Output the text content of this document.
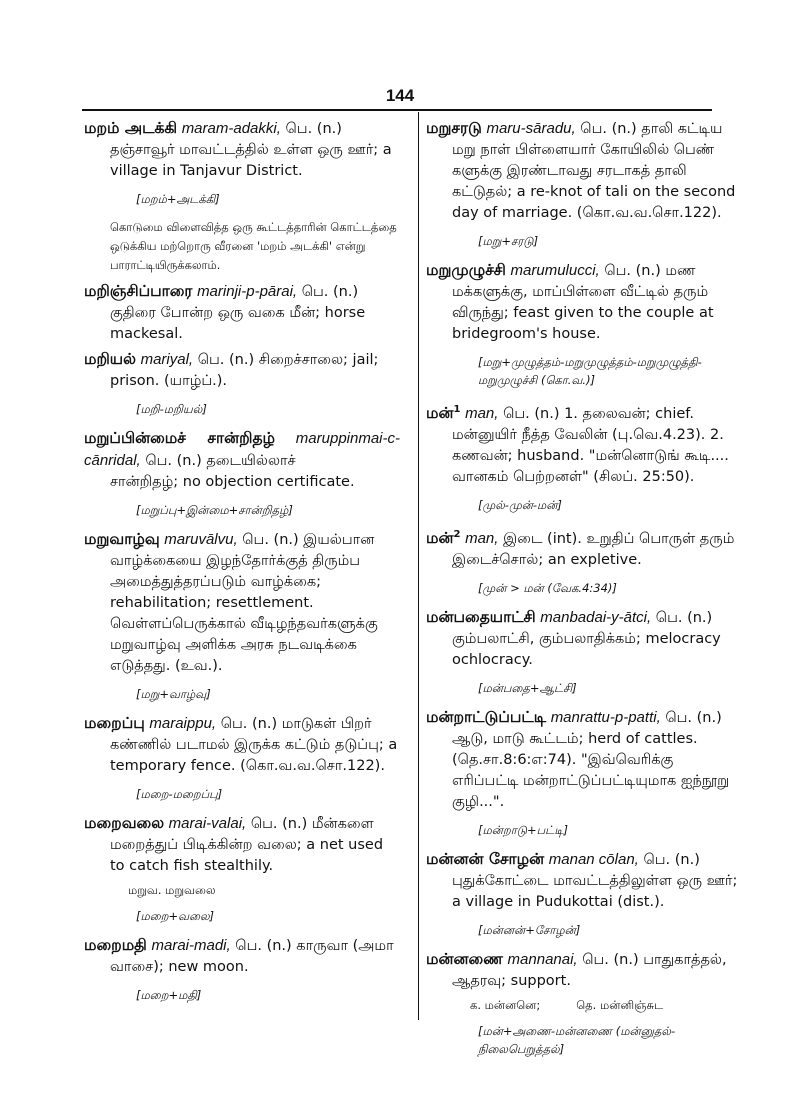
144
மறம் அடக்கி maram-adakki, பெ. (n.)
தஞ்சாவூர் மாவட்டத்தில் உள்ள ஒரு ஊர்; a village in Tanjavur District.
[மறம்+அடக்கி]
கொடுமை விளைவித்த ஒரு கூட்டத்தாரின் கொட்டத்தை ஒடுக்கிய மற்றொரு வீரனை 'மறம் அடக்கி' என்று பாராட்டியிருக்கலாம்.
மறிஞ்சிப்பாரை marinji-p-pārai, பெ. (n.)
குதிரை போன்ற ஒரு வகை மீன்; horse mackesal.
மறியல் mariyal, பெ. (n.) சிறைச்சாலை; jail;
prison. (யாழ்ப்.).
[மறி-மறியல்]
மறுப்பின்மைச் சான்றிதழ் maruppinmai-c-cānridal, பெ. (n.) தடையில்லாச்
சான்றிதழ்; no objection certificate.
[மறுப்பு+இன்மை+சான்றிதழ்]
மறுவாழ்வு maruvālvu, பெ. (n.) இயல்பான
வாழ்க்கையை இழந்தோர்க்குத் திரும்ப அமைத்துத்தரப்படும் வாழ்க்கை; rehabilitation; resettlement. வெள்ளப்பெருக்கால் வீடிழந்தவர்களுக்கு மறுவாழ்வு அளிக்க அரசு நடவடிக்கை எடுத்தது. (உவ.).
[மறு+வாழ்வு]
மறைப்பு maraippu, பெ. (n.) மாடுகள் பிறர்
கண்ணில் படாமல் இருக்க கட்டும் தடுப்பு; a temporary fence. (கொ.வ.வ.சொ.122).
[மறை-மறைப்பு]
மறைவலை marai-valai, பெ. (n.) மீன்களை
மறைத்துப் பிடிக்கின்ற வலை; a net used to catch fish stealthily.
மறுவ. மறுவலை
[மறை+வலை]
மறைமதி marai-madi, பெ. (n.) காருவா (அமா
வாசை); new moon.
[மறை+மதி]
மறுசரடு maru-sāradu, பெ. (n.) தாலி கட்டிய
மறு நாள் பிள்ளையார் கோயிலில் பெண் களுக்கு இரண்டாவது சரடாகத் தாலி கட்டுதல்; a re-knot of tali on the second day of marriage. (கொ.வ.வ.சொ.122).
[மறு+சரடு]
மறுமுழுச்சி marumulucci, பெ. (n.) மண
மக்களுக்கு, மாப்பிள்ளை வீட்டில் தரும் விருந்து; feast given to the couple at bridegroom's house.
[மறு+முழுத்தம்-மறுமுழுத்தம்-மறுமுழுத்தி-மறுமுழுச்சி (கொ.வ.)]
மன்$^1$ man, பெ. (n.) 1. தலைவன்; chief.
மன்னுயிர் நீத்த வேலின் (பு.வெ.4.23). 2. கணவன்; husband. "மன்னொடுங் கூடி.... வானகம் பெற்றனள்" (சிலப். 25:50).
[முல்-முன்-மன்]
மன்$^2$ man, இடை (int). உறுதிப் பொருள் தரும்
இடைச்சொல்; an expletive.
[முன் > மன் (வேக.4:34)]
மன்பதையாட்சி manbadai-y-ātci, பெ. (n.)
கும்பலாட்சி, கும்பலாதிக்கம்; melocracy ochlocracy.
[மன்பதை+ஆட்சி]
மன்றாட்டுப்பட்டி manrattu-p-patti, பெ. (n.)
ஆடு, மாடு கூட்டம்; herd of cattles. (தெ.சா.8:6:எ:74). "இவ்வெரிக்கு எரிப்பட்டி மன்றாட்டுப்பட்டியுமாக ஐந்நூறு குழி...".
[மன்றாடு+பட்டி]
மன்னன் சோழன் manan cōlan, பெ. (n.)
புதுக்கோட்டை மாவட்டத்திலுள்ள ஒரு ஊர்; a village in Pudukottai (dist.).
[மன்னன்+சோழன்]
மன்னணை mannanai, பெ. (n.) பாதுகாத்தல்,
ஆதரவு; support.
க. மன்னனெ;	தெ. மன்னிஞ்சுட
[மன்+அணை-மன்னணை (மன்னுதல்-நிலைபெறுத்தல்]
